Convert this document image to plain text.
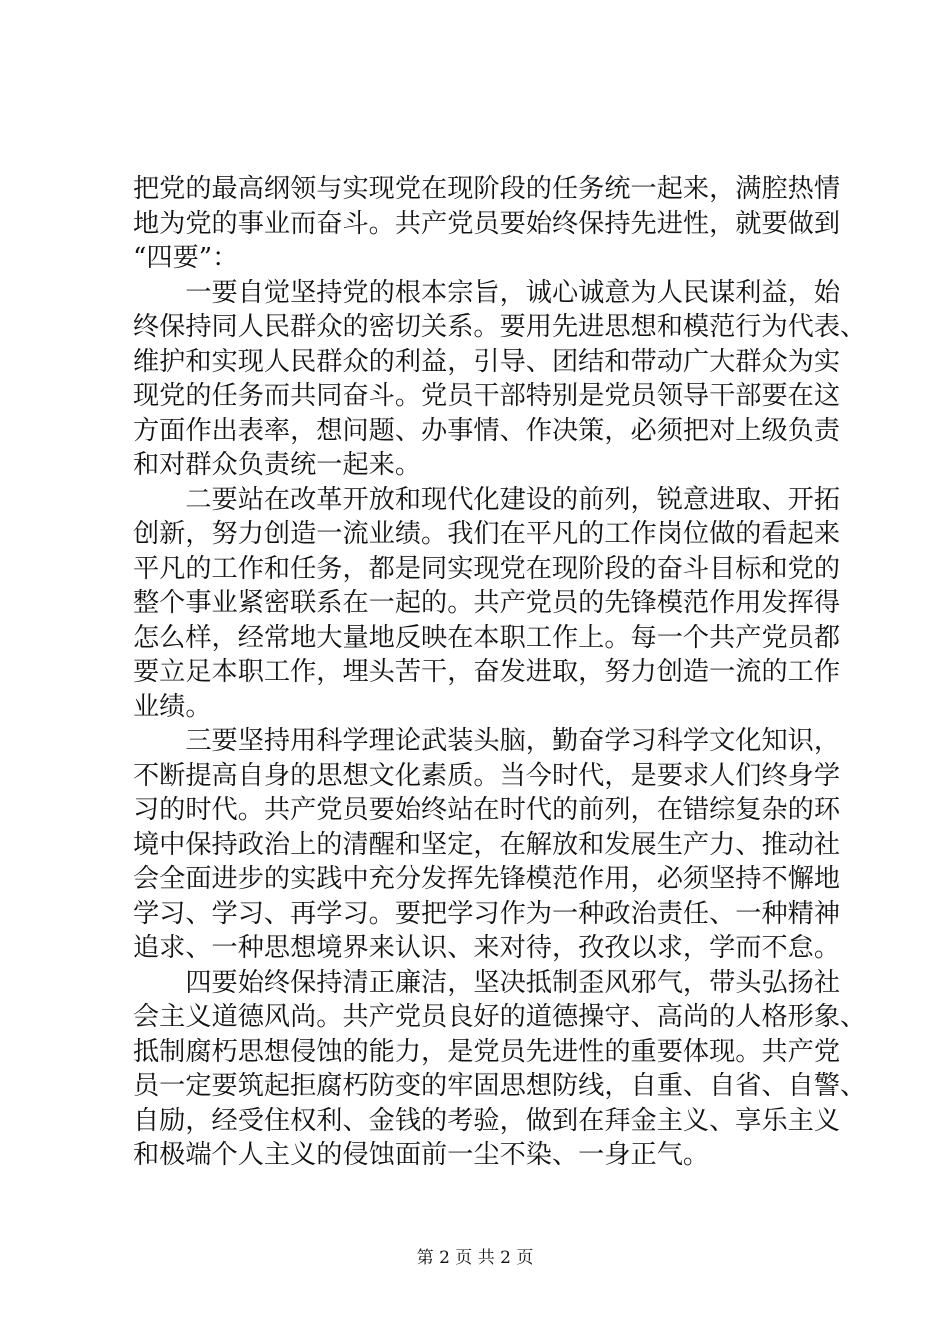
把党的最高纲领与实现党在现阶段的任务统一起来，满腔热情
地为党的事业而奋斗。共产党员要始终保持先进性，就要做到
“四要”：
　　一要自觉坚持党的根本宗旨，诚心诚意为人民谋利益，始
终保持同人民群众的密切关系。要用先进思想和模范行为代表、
维护和实现人民群众的利益，引导、团结和带动广大群众为实
现党的任务而共同奋斗。党员干部特别是党员领导干部要在这
方面作出表率，想问题、办事情、作决策，必须把对上级负责
和对群众负责统一起来。
　　二要站在改革开放和现代化建设的前列，锐意进取、开拓
创新，努力创造一流业绩。我们在平凡的工作岗位做的看起来
平凡的工作和任务，都是同实现党在现阶段的奋斗目标和党的
整个事业紧密联系在一起的。共产党员的先锋模范作用发挥得
怎么样，经常地大量地反映在本职工作上。每一个共产党员都
要立足本职工作，埋头苦干，奋发进取，努力创造一流的工作
业绩。
　　三要坚持用科学理论武装头脑，勤奋学习科学文化知识，
不断提高自身的思想文化素质。当今时代，是要求人们终身学
习的时代。共产党员要始终站在时代的前列，在错综复杂的环
境中保持政治上的清醒和坚定，在解放和发展生产力、推动社
会全面进步的实践中充分发挥先锋模范作用，必须坚持不懈地
学习、学习、再学习。要把学习作为一种政治责任、一种精神
追求、一种思想境界来认识、来对待，孜孜以求，学而不怠。
　　四要始终保持清正廉洁，坚决抵制歪风邪气，带头弘扬社
会主义道德风尚。共产党员良好的道德操守、高尚的人格形象、
抵制腐朽思想侵蚀的能力，是党员先进性的重要体现。共产党
员一定要筑起拒腐朽防变的牢固思想防线，自重、自省、自警、
自励，经受住权利、金钱的考验，做到在拜金主义、享乐主义
和极端个人主义的侵蚀面前一尘不染、一身正气。
第 2 页 共 2 页
